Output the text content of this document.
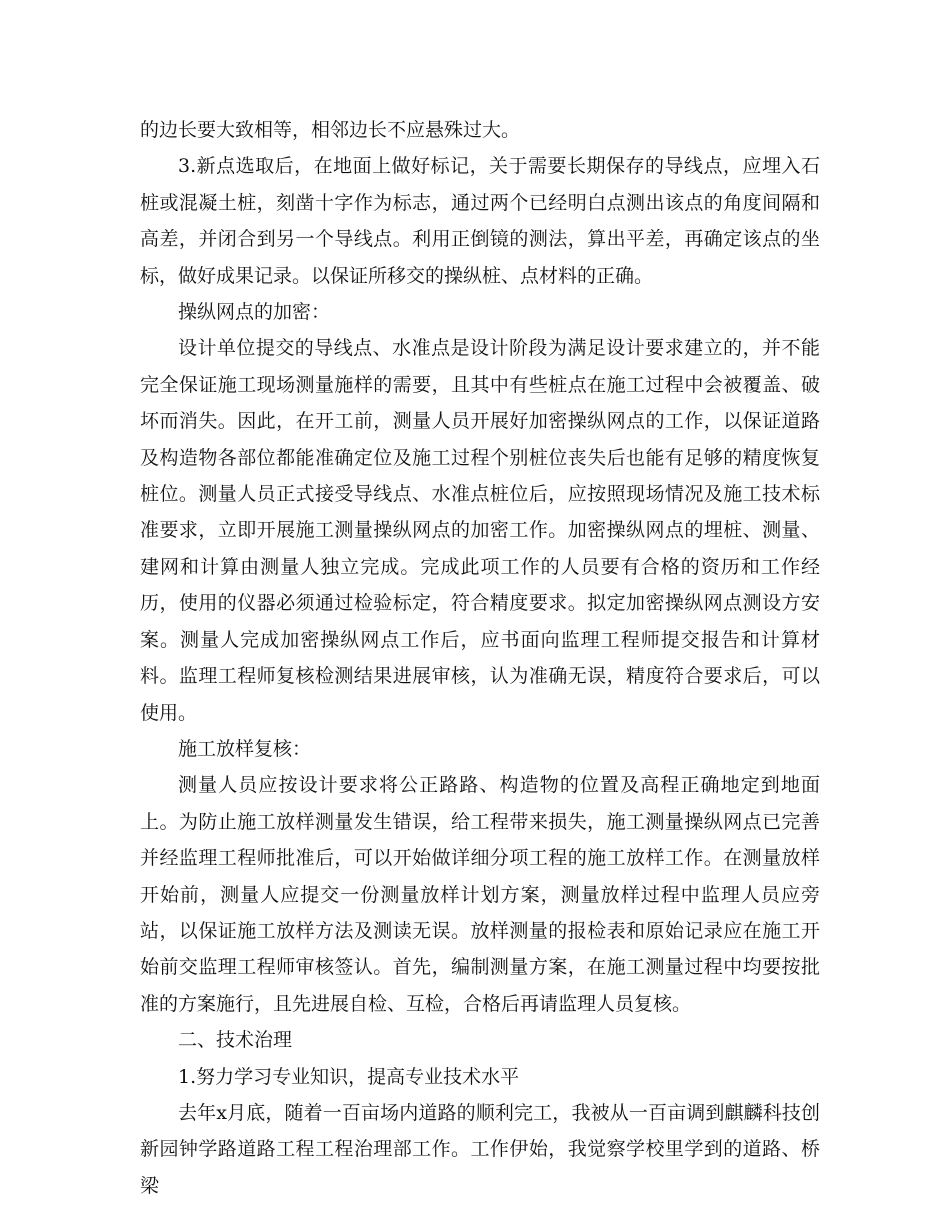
的边长要大致相等，相邻边长不应悬殊过大。

3.新点选取后，在地面上做好标记，关于需要长期保存的导线点，应埋入石桩或混凝土桩，刻凿十字作为标志，通过两个已经明白点测出该点的角度间隔和高差，并闭合到另一个导线点。利用正倒镜的测法，算出平差，再确定该点的坐标，做好成果记录。以保证所移交的操纵桩、点材料的正确。

操纵网点的加密：

设计单位提交的导线点、水准点是设计阶段为满足设计要求建立的，并不能完全保证施工现场测量施样的需要，且其中有些桩点在施工过程中会被覆盖、破坏而消失。因此，在开工前，测量人员开展好加密操纵网点的工作，以保证道路及构造物各部位都能准确定位及施工过程个别桩位丧失后也能有足够的精度恢复桩位。测量人员正式接受导线点、水准点桩位后，应按照现场情况及施工技术标准要求，立即开展施工测量操纵网点的加密工作。加密操纵网点的埋桩、测量、建网和计算由测量人独立完成。完成此项工作的人员要有合格的资历和工作经历，使用的仪器必须通过检验标定，符合精度要求。拟定加密操纵网点测设方安案。测量人完成加密操纵网点工作后，应书面向监理工程师提交报告和计算材料。监理工程师复核检测结果进展审核，认为准确无误，精度符合要求后，可以使用。

施工放样复核：

测量人员应按设计要求将公正路路、构造物的位置及高程正确地定到地面上。为防止施工放样测量发生错误，给工程带来损失，施工测量操纵网点已完善并经监理工程师批准后，可以开始做详细分项工程的施工放样工作。在测量放样开始前，测量人应提交一份测量放样计划方案，测量放样过程中监理人员应旁站，以保证施工放样方法及测读无误。放样测量的报检表和原始记录应在施工开始前交监理工程师审核签认。首先，编制测量方案，在施工测量过程中均要按批准的方案施行，且先进展自检、互检，合格后再请监理人员复核。

二、技术治理

1.努力学习专业知识，提高专业技术水平

去年x月底，随着一百亩场内道路的顺利完工，我被从一百亩调到麒麟科技创新园钟学路道路工程工程治理部工作。工作伊始，我觉察学校里学到的道路、桥梁
